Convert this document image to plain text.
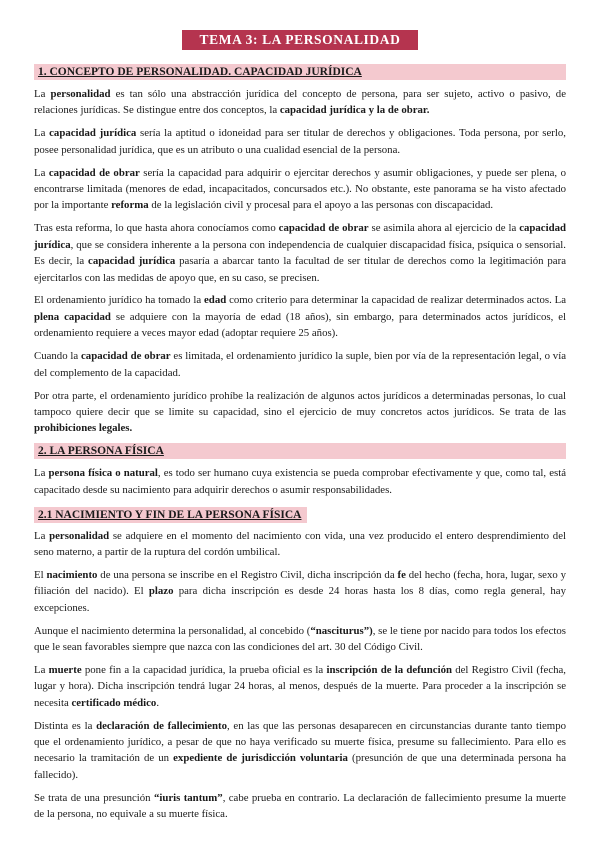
TEMA 3: LA PERSONALIDAD
1. CONCEPTO DE PERSONALIDAD. CAPACIDAD JURÍDICA

La personalidad es tan sólo una abstracción jurídica del concepto de persona, para ser sujeto, activo o pasivo, de relaciones jurídicas. Se distingue entre dos conceptos, la capacidad jurídica y la de obrar.

La capacidad jurídica sería la aptitud o idoneidad para ser titular de derechos y obligaciones. Toda persona, por serlo, posee personalidad jurídica, que es un atributo o una cualidad esencial de la persona.

La capacidad de obrar sería la capacidad para adquirir o ejercitar derechos y asumir obligaciones, y puede ser plena, o encontrarse limitada (menores de edad, incapacitados, concursados etc.). No obstante, este panorama se ha visto afectado por la importante reforma de la legislación civil y procesal para el apoyo a las personas con discapacidad.

Tras esta reforma, lo que hasta ahora conocíamos como capacidad de obrar se asimila ahora al ejercicio de la capacidad jurídica, que se considera inherente a la persona con independencia de cualquier discapacidad física, psíquica o sensorial. Es decir, la capacidad jurídica pasaría a abarcar tanto la facultad de ser titular de derechos como la legitimación para ejercitarlos con las medidas de apoyo que, en su caso, se precisen.

El ordenamiento jurídico ha tomado la edad como criterio para determinar la capacidad de realizar determinados actos. La plena capacidad se adquiere con la mayoría de edad (18 años), sin embargo, para determinados actos jurídicos, el ordenamiento requiere a veces mayor edad (adoptar requiere 25 años).

Cuando la capacidad de obrar es limitada, el ordenamiento jurídico la suple, bien por vía de la representación legal, o vía del complemento de la capacidad.

Por otra parte, el ordenamiento jurídico prohíbe la realización de algunos actos jurídicos a determinadas personas, lo cual tampoco quiere decir que se limite su capacidad, sino el ejercicio de muy concretos actos jurídicos. Se trata de las prohibiciones legales.

2. LA PERSONA FÍSICA

La persona física o natural, es todo ser humano cuya existencia se pueda comprobar efectivamente y que, como tal, está capacitado desde su nacimiento para adquirir derechos o asumir responsabilidades.

2.1 NACIMIENTO Y FIN DE LA PERSONA FÍSICA

La personalidad se adquiere en el momento del nacimiento con vida, una vez producido el entero desprendimiento del seno materno, a partir de la ruptura del cordón umbilical.

El nacimiento de una persona se inscribe en el Registro Civil, dicha inscripción da fe del hecho (fecha, hora, lugar, sexo y filiación del nacido). El plazo para dicha inscripción es desde 24 horas hasta los 8 días, como regla general, hay excepciones.

Aunque el nacimiento determina la personalidad, al concebido (“nasciturus”), se le tiene por nacido para todos los efectos que le sean favorables siempre que nazca con las condiciones del art. 30 del Código Civil.

La muerte pone fin a la capacidad jurídica, la prueba oficial es la inscripción de la defunción del Registro Civil (fecha, lugar y hora). Dicha inscripción tendrá lugar 24 horas, al menos, después de la muerte. Para proceder a la inscripción se necesita certificado médico.

Distinta es la declaración de fallecimiento, en las que las personas desaparecen en circunstancias durante tanto tiempo que el ordenamiento jurídico, a pesar de que no haya verificado su muerte física, presume su fallecimiento. Para ello es necesario la tramitación de un expediente de jurisdicción voluntaria (presunción de que una determinada persona ha fallecido).

Se trata de una presunción “iuris tantum”, cabe prueba en contrario. La declaración de fallecimiento presume la muerte de la persona, no equivale a su muerte física.
